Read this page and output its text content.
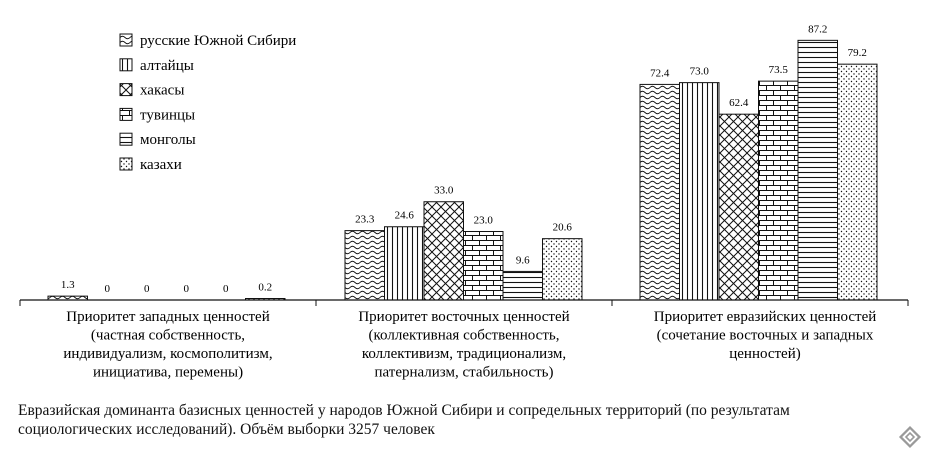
русские Южной Сибири
алтайцы
хакасы
тувинцы
монголы
казахи
1.3
23.3
72.4
0
24.6
73.0
0
33.0
62.4
0
23.0
73.5
0
9.6
87.2
0.2
20.6
79.2
Приоритет западных ценностей (частная собственность, индивидуализм, космополитизм, инициатива, перемены)
Приоритет восточных ценностей (коллективная собственность, коллективизм, традиционализм, патернализм, стабильность)
Приоритет евразийских ценностей (сочетание восточных и западных ценностей)
Евразийская доминанта базисных ценностей у народов Южной Сибири и сопредельных территорий (по результатам
социологических исследований). Объём выборки 3257 человек
